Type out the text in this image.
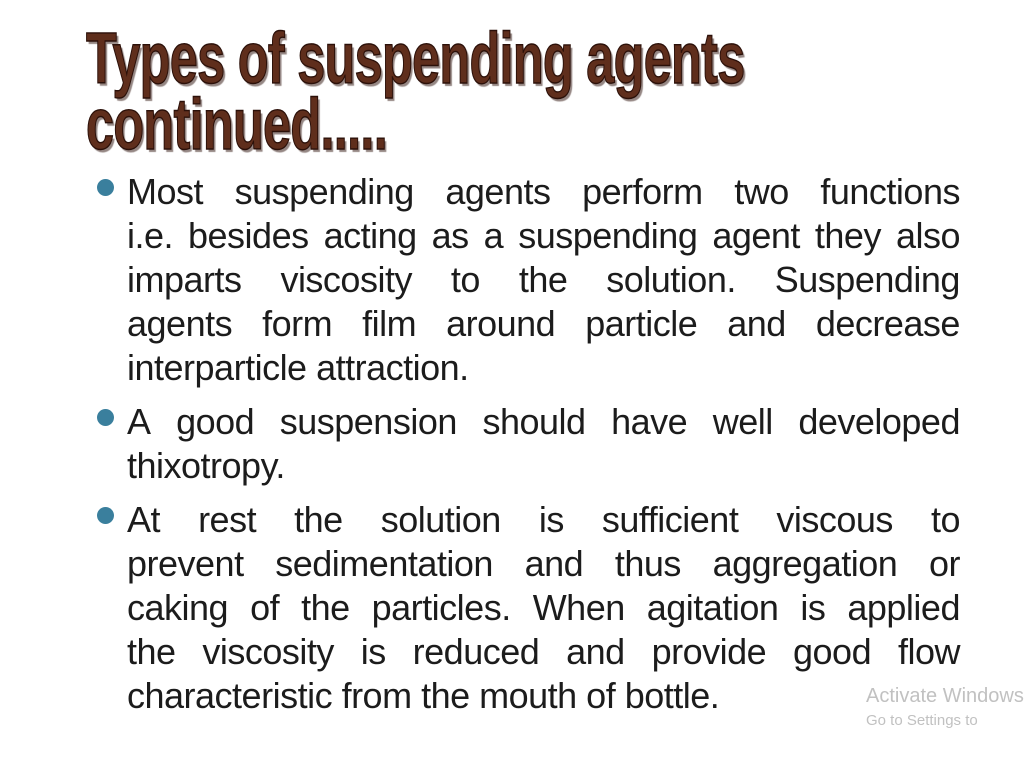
Types of suspending agents
continued.....
Most suspending agents perform two functions
i.e. besides acting as a suspending agent they also
imparts viscosity to the solution. Suspending
agents form film around particle and decrease
interparticle attraction.
A good suspension should have well developed
thixotropy.
At rest the solution is sufficient viscous to
prevent sedimentation and thus aggregation or
caking of the particles. When agitation is applied
the viscosity is reduced and provide good flow
characteristic from the mouth of bottle.	Activate Windows
Go to Settings to
